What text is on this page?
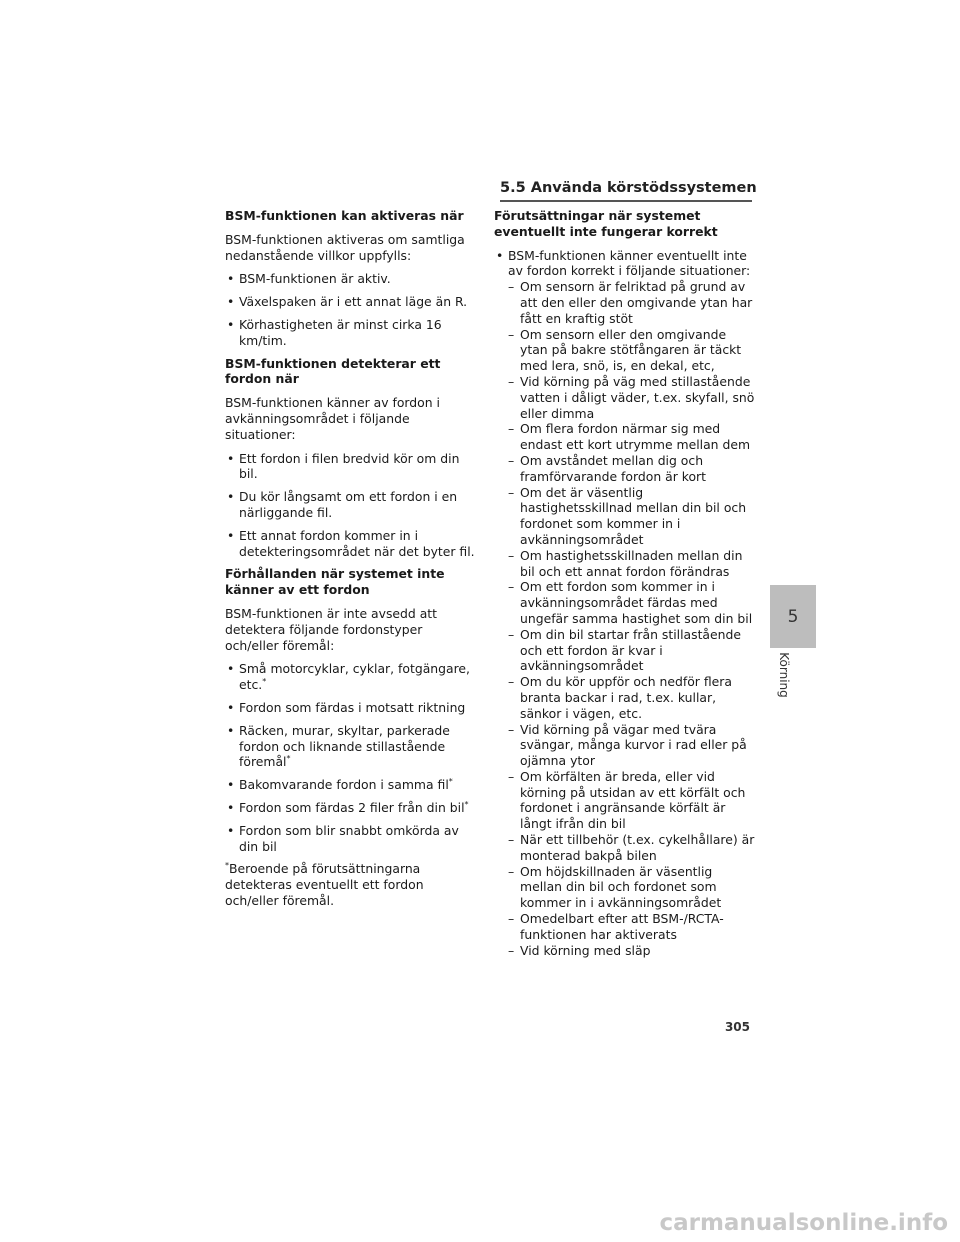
5.5 Använda körstödssystemen
BSM-funktionen kan aktiveras när

BSM-funktionen aktiveras om samtliga nedanstående villkor uppfylls:

• BSM-funktionen är aktiv.
• Växelspaken är i ett annat läge än R.
• Körhastigheten är minst cirka 16 km/tim.
BSM-funktionen detekterar ett fordon när

BSM-funktionen känner av fordon i avkänningsområdet i följande situationer:

• Ett fordon i filen bredvid kör om din bil.
• Du kör långsamt om ett fordon i en närliggande fil.
• Ett annat fordon kommer in i detekteringsområdet när det byter fil.
Förhållanden när systemet inte känner av ett fordon

BSM-funktionen är inte avsedd att detektera följande fordonstyper och/eller föremål:

• Små motorcyklar, cyklar, fotgängare, etc.*
• Fordon som färdas i motsatt riktning
• Räcken, murar, skyltar, parkerade fordon och liknande stillastående föremål*
• Bakomvarande fordon i samma fil*
• Fordon som färdas 2 filer från din bil*
• Fordon som blir snabbt omkörda av din bil

*Beroende på förutsättningarna detekteras eventuellt ett fordon och/eller föremål.

Förutsättningar när systemet eventuellt inte fungerar korrekt
• BSM-funktionen känner eventuellt inte av fordon korrekt i följande situationer:
– Om sensorn är felriktad på grund av att den eller den omgivande ytan har fått en kraftig stöt
– Om sensorn eller den omgivande ytan på bakre stötfångaren är täckt med lera, snö, is, en dekal, etc,
– Vid körning på väg med stillastående vatten i dåligt väder, t.ex. skyfall, snö eller dimma
– Om flera fordon närmar sig med endast ett kort utrymme mellan dem
– Om avståndet mellan dig och framförvarande fordon är kort
– Om det är väsentlig hastighetsskillnad mellan din bil och fordonet som kommer in i avkänningsområdet
– Om hastighetsskillnaden mellan din bil och ett annat fordon förändras
– Om ett fordon som kommer in i avkänningsområdet färdas med ungefär samma hastighet som din bil
– Om din bil startar från stillastående och ett fordon är kvar i avkänningsområdet
– Om du kör uppför och nedför flera branta backar i rad, t.ex. kullar, sänkor i vägen, etc.
– Vid körning på vägar med tvära svängar, många kurvor i rad eller på ojämna ytor
– Om körfälten är breda, eller vid körning på utsidan av ett körfält och fordonet i angränsande körfält är långt ifrån din bil
– När ett tillbehör (t.ex. cykelhållare) är monterad bakpå bilen
– Om höjdskillnaden är väsentlig mellan din bil och fordonet som kommer in i avkänningsområdet
– Omedelbart efter att BSM-/RCTA-funktionen har aktiverats
– Vid körning med släp
5
Körning
305
carmanualsonline.info
